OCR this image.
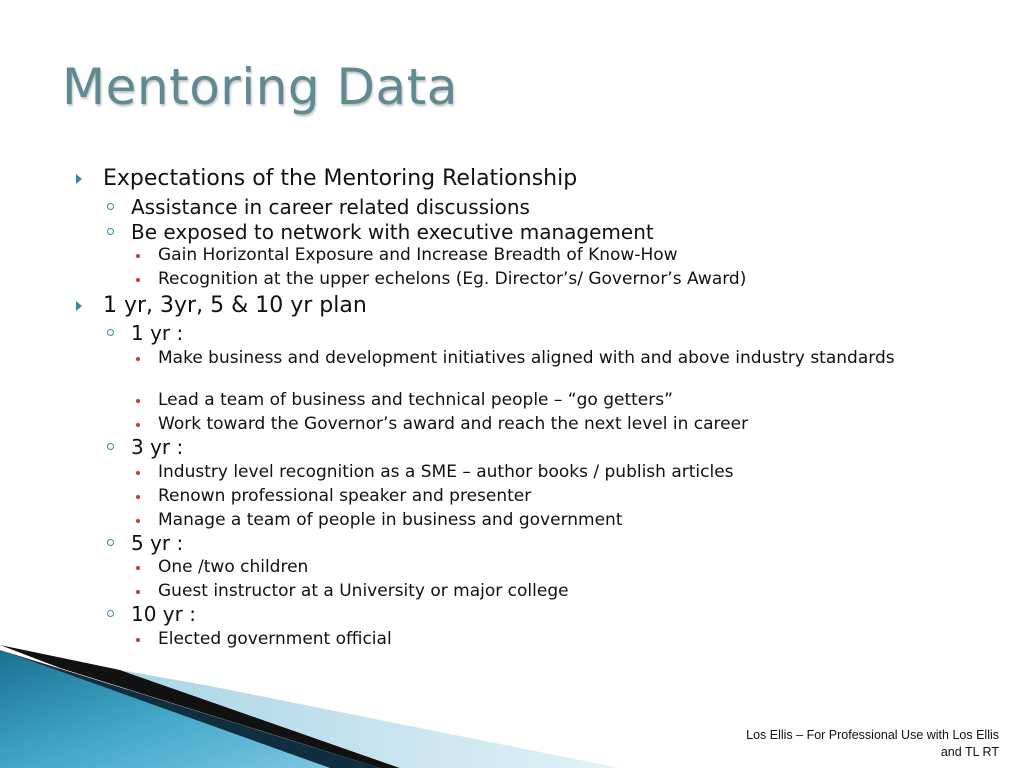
Mentoring Data
Expectations of the Mentoring Relationship
Assistance in career related discussions
Be exposed to network with executive management
Gain Horizontal Exposure and Increase Breadth of Know-How
Recognition at the upper echelons (Eg. Director’s/ Governor’s Award)
1 yr, 3yr, 5 & 10 yr plan
1 yr :
Make business and development initiatives aligned with and above industry standards
Lead a team of business and technical people – “go getters”
Work toward the Governor’s award and reach the next level in career
3 yr :
Industry level recognition as a SME – author books / publish articles
Renown professional speaker and presenter
Manage a team of people in business and government
5 yr :
One /two children
Guest instructor at a University or major college
10 yr :
Elected government official
Los Ellis – For Professional Use with Los Ellis
and TL RT
